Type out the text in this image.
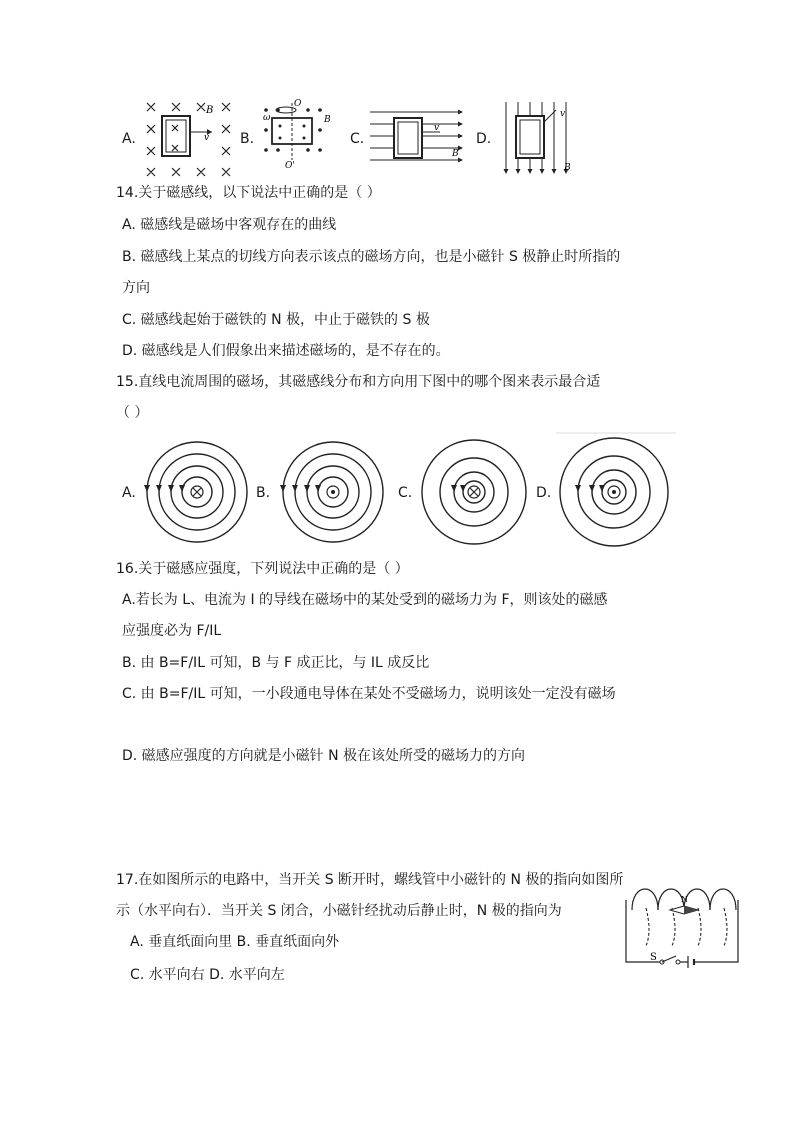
A.	v
B
B.
O
O'
ω	B
C.
v
B
D.
v
B
14.关于磁感线，以下说法中正确的是（ ）
A. 磁感线是磁场中客观存在的曲线
B. 磁感线上某点的切线方向表示该点的磁场方向，也是小磁针 S 极静止时所指的
方向
C. 磁感线起始于磁铁的 N 极，中止于磁铁的 S 极
D. 磁感线是人们假象出来描述磁场的，是不存在的。
15.直线电流周围的磁场，其磁感线分布和方向用下图中的哪个图来表示最合适
（ ）
A.	B.	C.	D.
16.关于磁感应强度，下列说法中正确的是（ ）
A.若长为 L、电流为 I 的导线在磁场中的某处受到的磁场力为 F，则该处的磁感
应强度必为 F/IL
B. 由 B=F/IL 可知，B 与 F 成正比，与 IL 成反比
C. 由 B=F/IL 可知，一小段通电导体在某处不受磁场力，说明该处一定没有磁场
D. 磁感应强度的方向就是小磁针 N 极在该处所受的磁场力的方向
17.在如图所示的电路中，当开关 S 断开时，螺线管中小磁针的 N 极的指向如图所
示（水平向右）．当开关 S 闭合，小磁针经扰动后静止时，N 极的指向为
A. 垂直纸面向里 B. 垂直纸面向外
C. 水平向右 D. 水平向左
S
N
